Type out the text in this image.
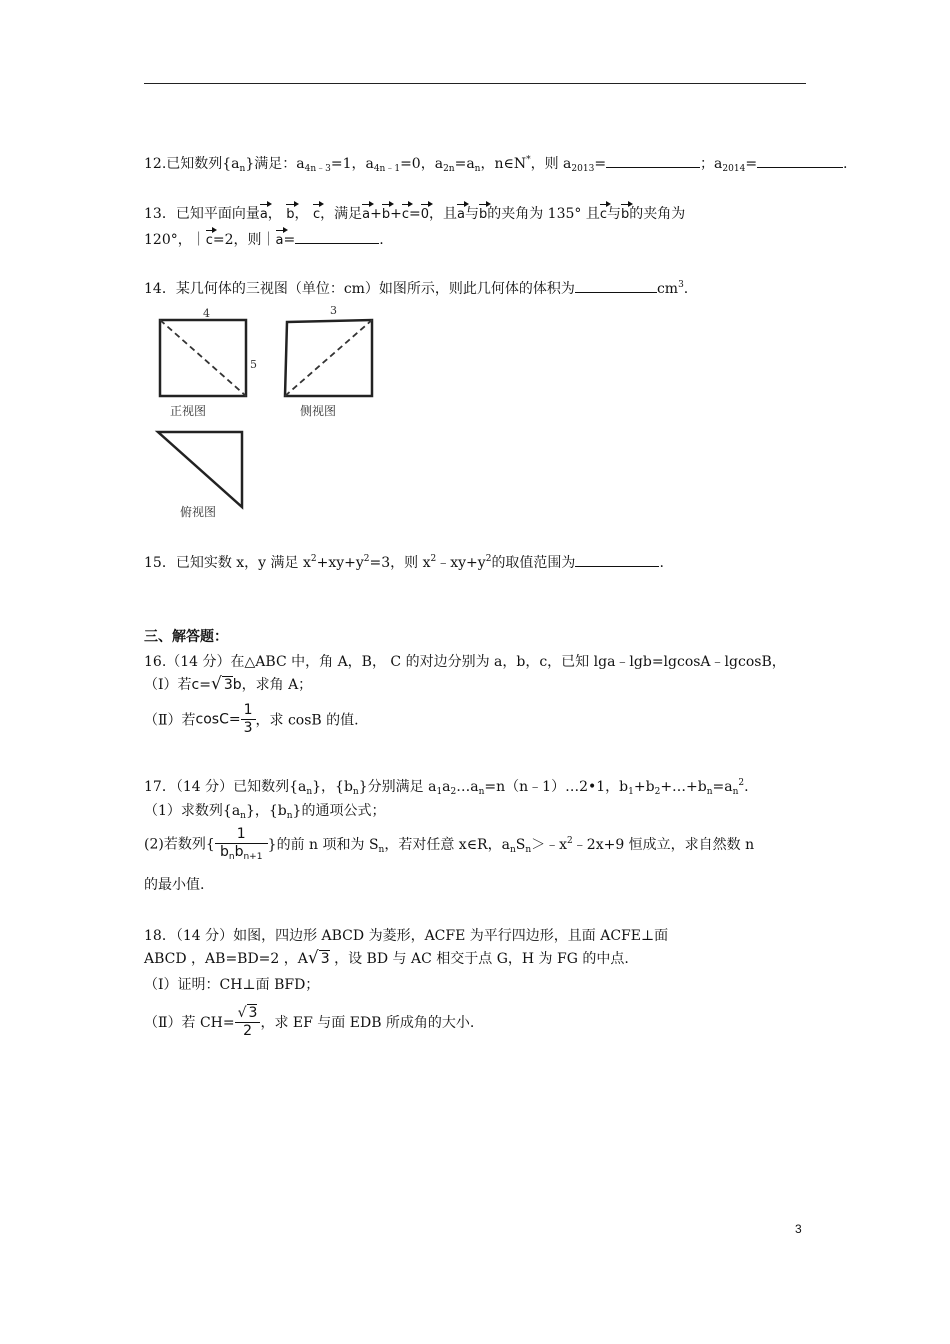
12.已知数列$\{a_n\}$满足：$a_{4n﹣3}=1$，$a_{4n﹣1}=0$，$a_{2n}=a_n$，n∈N*，则 $a_{2013}=$	；$a_{2014}=$	.
13．已知平面向量a， b， c，满足a+b+c=0，且a与b的夹角为 135° 且c与b的夹角为
120°，｜c=2，则｜a=	.
14．某几何体的三视图（单位：cm）如图所示，则此几何体的体积为	$cm^3$.
4	3
5
正视图	侧视图
俯视图
15．已知实数 x，y 满足 $x^2+xy+y^2=3$，则 $x^2﹣xy+y^2$的取值范围为	.
三、解答题：
16.（14 分）在△ABC 中，角 A，B， C 的对边分别为 a，b，c，已知 lga﹣lgb=lgcosA﹣lgcosB，
（Ⅰ）若c=√ 3b，求角 A；
（Ⅱ）若$\cos C= \frac{1}{3}$ ，求 cosB 的值.
17．（14 分）已知数列$\{a_n\}$，$\{b_n\}$分别满足 $a_1a_2\dots a_n=n(n﹣1)\dots 2•1$，$b_1+b_2+\dots+b_n=a_n^2$.
（1）求数列$\{a_n\}$，$\{b_n\}$的通项公式；
(2)若数列{ $\frac{1}{b_nb_{n+1}}$ }的前 n 项和为 $S_n$，若对任意 x∈R，$a_nS_n>﹣x^2﹣2x+9$ 恒成立，求自然数 n
的最小值.
18．（14 分）如图，四边形 ABCD 为菱形，ACFE 为平行四边形，且面 ACFE⊥面
ABCD ，AB=BD=2 ，A√ 3 ，设 BD 与 AC 相交于点 G，H 为 FG 的中点.
（Ⅰ）证明：CH⊥面 BFD；
（Ⅱ）若 $CH= \frac{√ 3}{2}$ ，求 EF 与面 EDB 所成角的大小.
3
